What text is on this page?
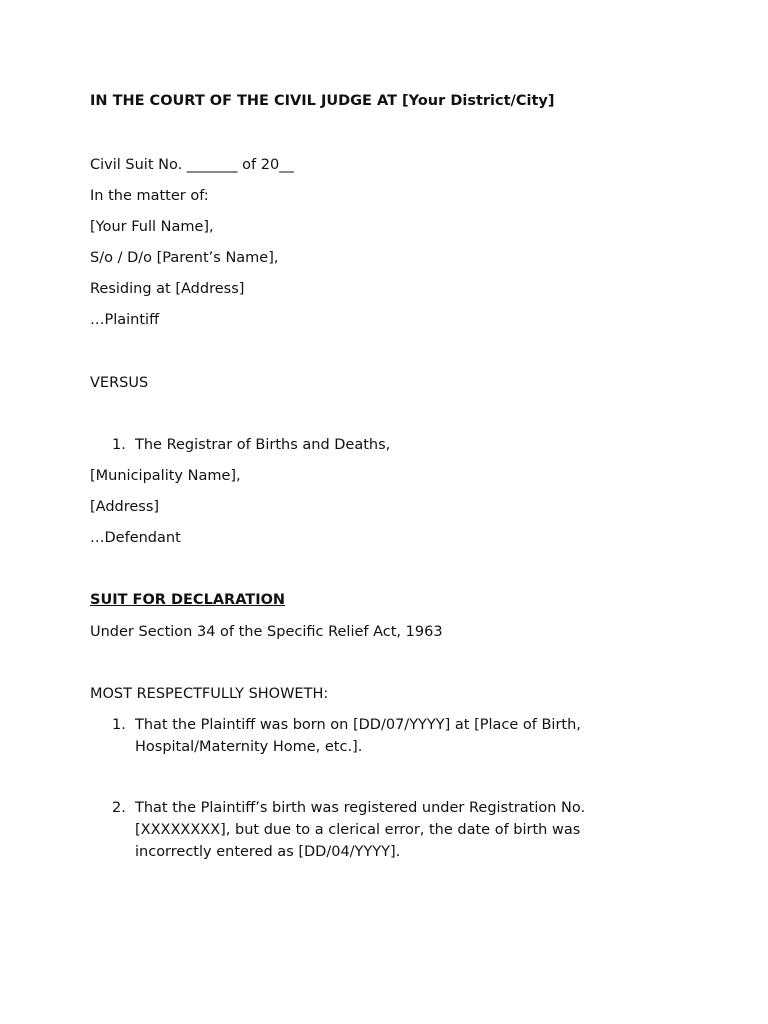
IN THE COURT OF THE CIVIL JUDGE AT [Your District/City]
Civil Suit No. _______ of 20__
In the matter of:
[Your Full Name],
S/o / D/o [Parent’s Name],
Residing at [Address]
…Plaintiff
VERSUS
1. The Registrar of Births and Deaths,
[Municipality Name],
[Address]
…Defendant
SUIT FOR DECLARATION
Under Section 34 of the Specific Relief Act, 1963
MOST RESPECTFULLY SHOWETH:
1. That the Plaintiff was born on [DD/07/YYYY] at [Place of Birth, Hospital/Maternity Home, etc.].
2. That the Plaintiff’s birth was registered under Registration No. [XXXXXXXX], but due to a clerical error, the date of birth was incorrectly entered as [DD/04/YYYY].
